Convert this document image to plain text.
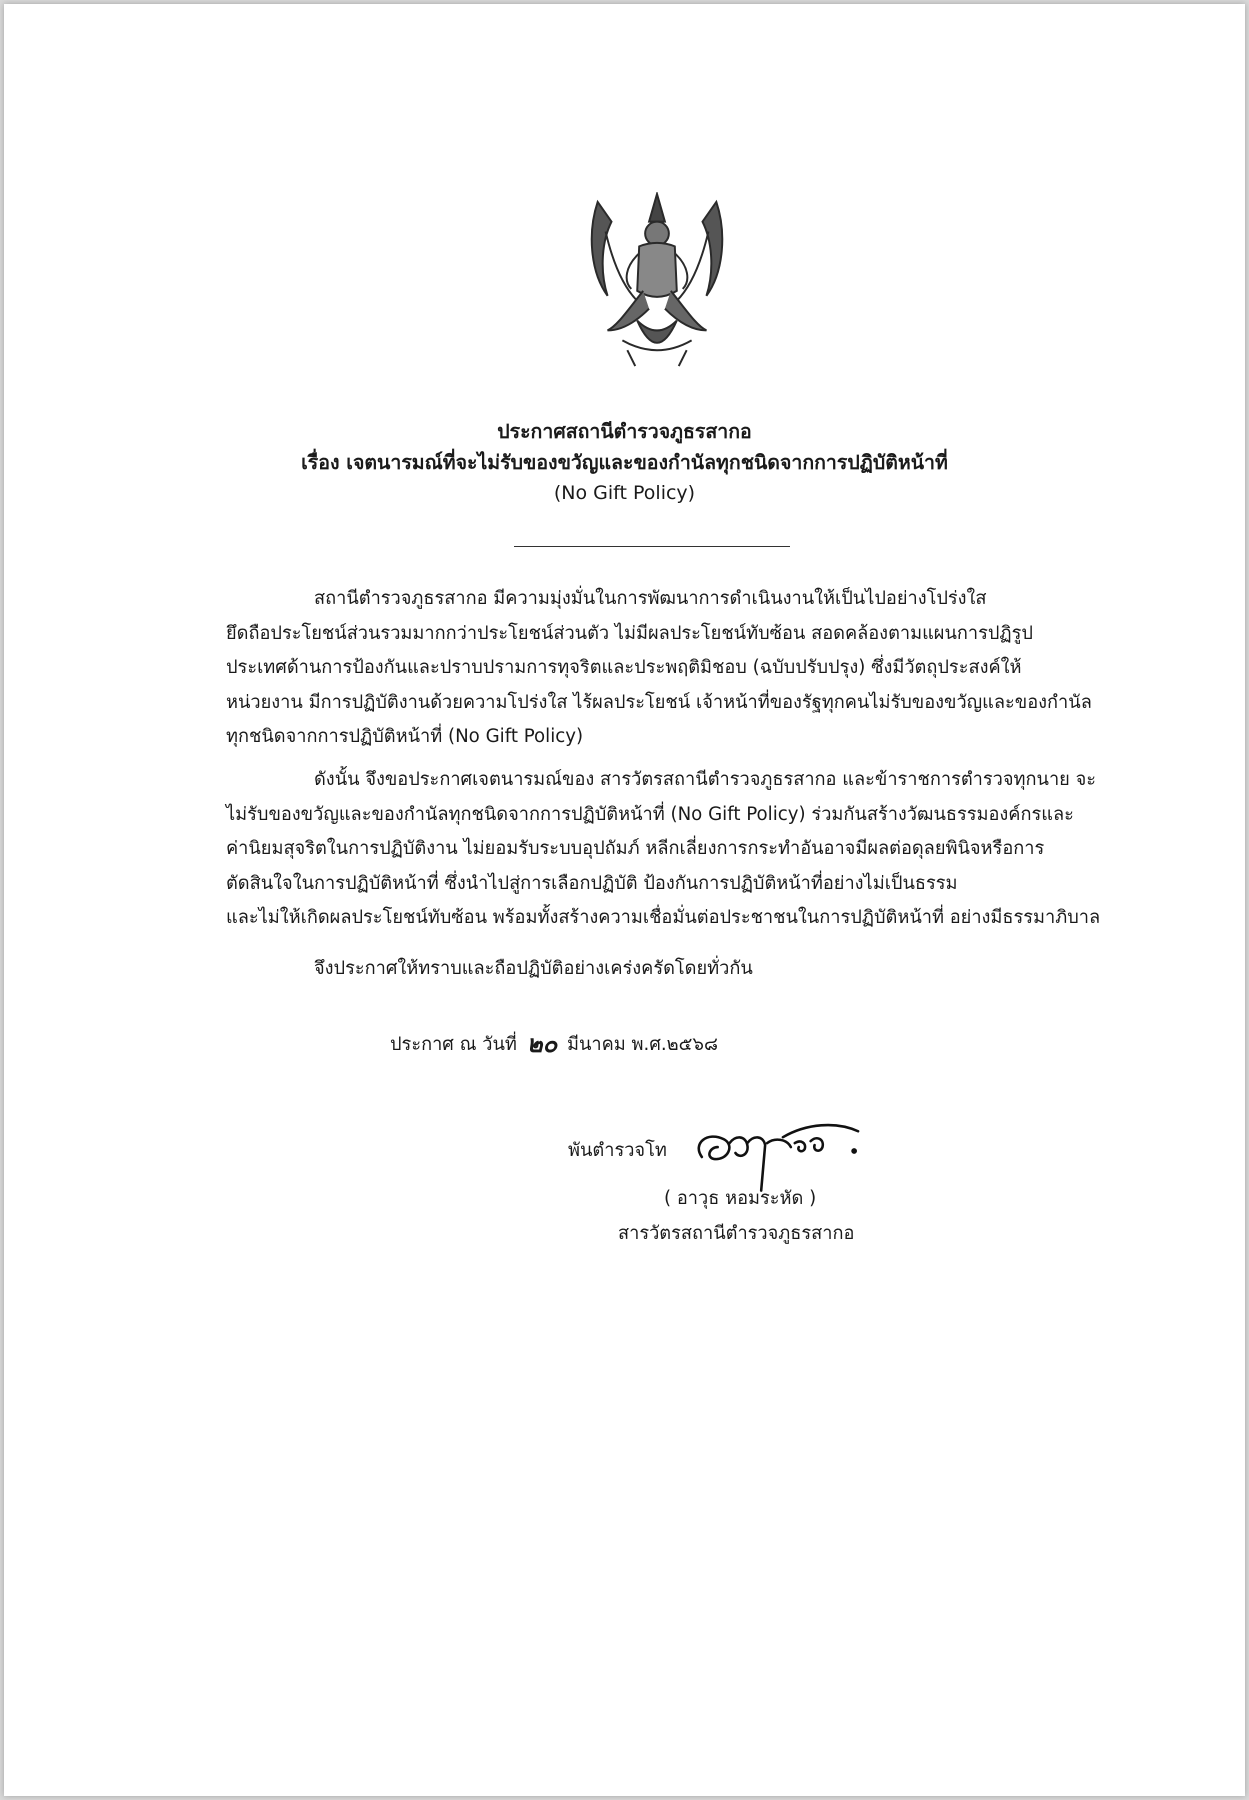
ประกาศสถานีตำรวจภูธรสากอ
เรื่อง เจตนารมณ์ที่จะไม่รับของขวัญและของกำนัลทุกชนิดจากการปฏิบัติหน้าที่
(No Gift Policy)
สถานีตำรวจภูธรสากอ มีความมุ่งมั่นในการพัฒนาการดำเนินงานให้เป็นไปอย่างโปร่งใส
ยึดถือประโยชน์ส่วนรวมมากกว่าประโยชน์ส่วนตัว ไม่มีผลประโยชน์ทับซ้อน สอดคล้องตามแผนการปฏิรูป
ประเทศด้านการป้องกันและปราบปรามการทุจริตและประพฤติมิชอบ (ฉบับปรับปรุง) ซึ่งมีวัตถุประสงค์ให้
หน่วยงาน มีการปฏิบัติงานด้วยความโปร่งใส ไร้ผลประโยชน์ เจ้าหน้าที่ของรัฐทุกคนไม่รับของขวัญและของกำนัล
ทุกชนิดจากการปฏิบัติหน้าที่ (No Gift Policy)
ดังนั้น จึงขอประกาศเจตนารมณ์ของ สารวัตรสถานีตำรวจภูธรสากอ และข้าราชการตำรวจทุกนาย จะ
ไม่รับของขวัญและของกำนัลทุกชนิดจากการปฏิบัติหน้าที่ (No Gift Policy) ร่วมกันสร้างวัฒนธรรมองค์กรและ
ค่านิยมสุจริตในการปฏิบัติงาน ไม่ยอมรับระบบอุปถัมภ์ หลีกเลี่ยงการกระทำอันอาจมีผลต่อดุลยพินิจหรือการ
ตัดสินใจในการปฏิบัติหน้าที่ ซึ่งนำไปสู่การเลือกปฏิบัติ ป้องกันการปฏิบัติหน้าที่อย่างไม่เป็นธรรม
และไม่ให้เกิดผลประโยชน์ทับซ้อน พร้อมทั้งสร้างความเชื่อมั่นต่อประชาชนในการปฏิบัติหน้าที่ อย่างมีธรรมาภิบาล
จึงประกาศให้ทราบและถือปฏิบัติอย่างเคร่งครัดโดยทั่วกัน
ประกาศ ณ วันที่ ๒๐ มีนาคม พ.ศ.๒๕๖๘
พันตำรวจโท
( อาวุธ หอมระหัด )
สารวัตรสถานีตำรวจภูธรสากอ
